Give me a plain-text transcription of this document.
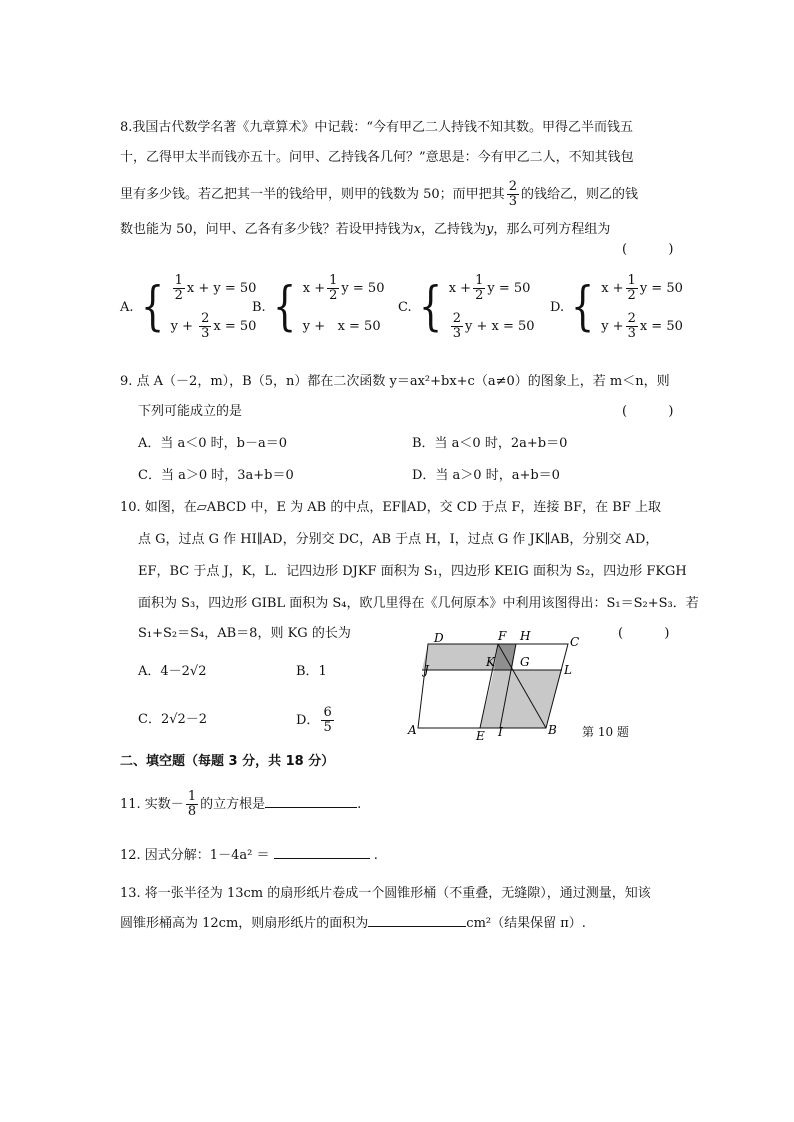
8.我国古代数学名著《九章算术》中记载：“今有甲乙二人持钱不知其数。甲得乙半而钱五
十，乙得甲太半而钱亦五十。问甲、乙持钱各几何？”意思是：今有甲乙二人，不知其钱包
里有多少钱。若乙把其一半的钱给甲，则甲的钱数为 50；而甲把其 $\frac{2}{3}$ 的钱给乙，则乙的钱
数也能为 50，问甲、乙各有多少钱？若设甲持钱为x，乙持钱为y，那么可列方程组为
(          )
A. { $\frac{1}{2}$ x + y = 50
$y + \frac{2}{3}$ x = 50
B. { $x + \frac{1}{2}$ y = 50
y + x = 50
C. { $x + \frac{1}{2}$ y = 50
$\frac{2}{3}$ y + x = 50
D. { $x + \frac{1}{2}$ y = 50
$y + \frac{2}{3}$ x = 50
9. 点 A（－2，m），B（5，n）都在二次函数 y＝ax²+bx+c（a≠0）的图象上，若 m＜n，则
下列可能成立的是	(          )
A．当 a＜0 时，b－a＝0	B．当 a＜0 时，2a+b＝0
C．当 a＞0 时，3a+b＝0	D．当 a＞0 时，a+b＝0
10. 如图，在▱ABCD 中，E 为 AB 的中点，EF∥AD，交 CD 于点 F，连接 BF，在 BF 上取
点 G，过点 G 作 HI∥AD，分别交 DC，AB 于点 H，I，过点 G 作 JK∥AB，分别交 AD，
EF，BC 于点 J，K，L．记四边形 DJKF 面积为 S₁，四边形 KEIG 面积为 S₂，四边形 FKGH
面积为 S₃，四边形 GIBL 面积为 S₄，欧几里得在《几何原本》中利用该图得出：S₁＝S₂+S₃．若
S₁+S₂＝S₄，AB＝8，则 KG 的长为	(          )
A．4－2√2	B．1
C．2√2－2	D． $\frac{6}{5}$
D	F H	C
J
K G
L
A	E I	B 第 10 题
二、填空题（每题 3 分，共 18 分）
11. 实数－ $\frac{1}{8}$ 的立方根是	.
12. 因式分解：1－4a² ＝	.
13. 将一张半径为 13cm 的扇形纸片卷成一个圆锥形桶（不重叠，无缝隙），通过测量，知该
圆锥形桶高为 12cm，则扇形纸片的面积为	cm²（结果保留 π）.
